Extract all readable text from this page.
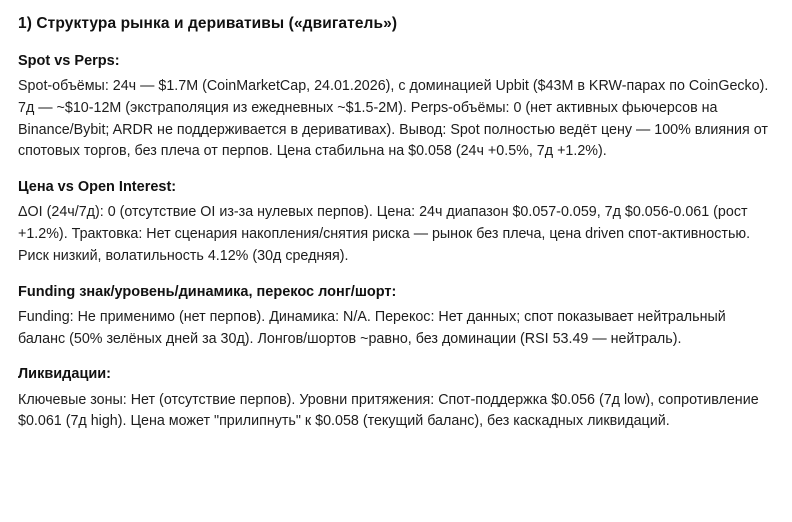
1) Структура рынка и деривативы («двигатель»)
Spot vs Perps:

Spot-объёмы: 24ч — $1.7M (CoinMarketCap, 24.01.2026), с доминацией Upbit ($43M в KRW-парах по CoinGecko). 7д — ~$10-12M (экстраполяция из ежедневных ~$1.5-2M). Perps-объёмы: 0 (нет активных фьючерсов на Binance/Bybit; ARDR не поддерживается в деривативах). Вывод: Spot полностью ведёт цену — 100% влияния от спотовых торгов, без плеча от перпов. Цена стабильна на $0.058 (24ч +0.5%, 7д +1.2%).

Цена vs Open Interest:

ΔOI (24ч/7д): 0 (отсутствие OI из-за нулевых перпов). Цена: 24ч диапазон $0.057-0.059, 7д $0.056-0.061 (рост +1.2%). Трактовка: Нет сценария накопления/снятия риска — рынок без плеча, цена driven спот-активностью. Риск низкий, волатильность 4.12% (30д средняя).

Funding знак/уровень/динамика, перекос лонг/шорт:

Funding: Не применимо (нет перпов). Динамика: N/A. Перекос: Нет данных; спот показывает нейтральный баланс (50% зелёных дней за 30д). Лонгов/шортов ~равно, без доминации (RSI 53.49 — нейтраль).

Ликвидации:

Ключевые зоны: Нет (отсутствие перпов). Уровни притяжения: Спот-поддержка $0.056 (7д low), сопротивление $0.061 (7д high). Цена может "прилипнуть" к $0.058 (текущий баланс), без каскадных ликвидаций.
